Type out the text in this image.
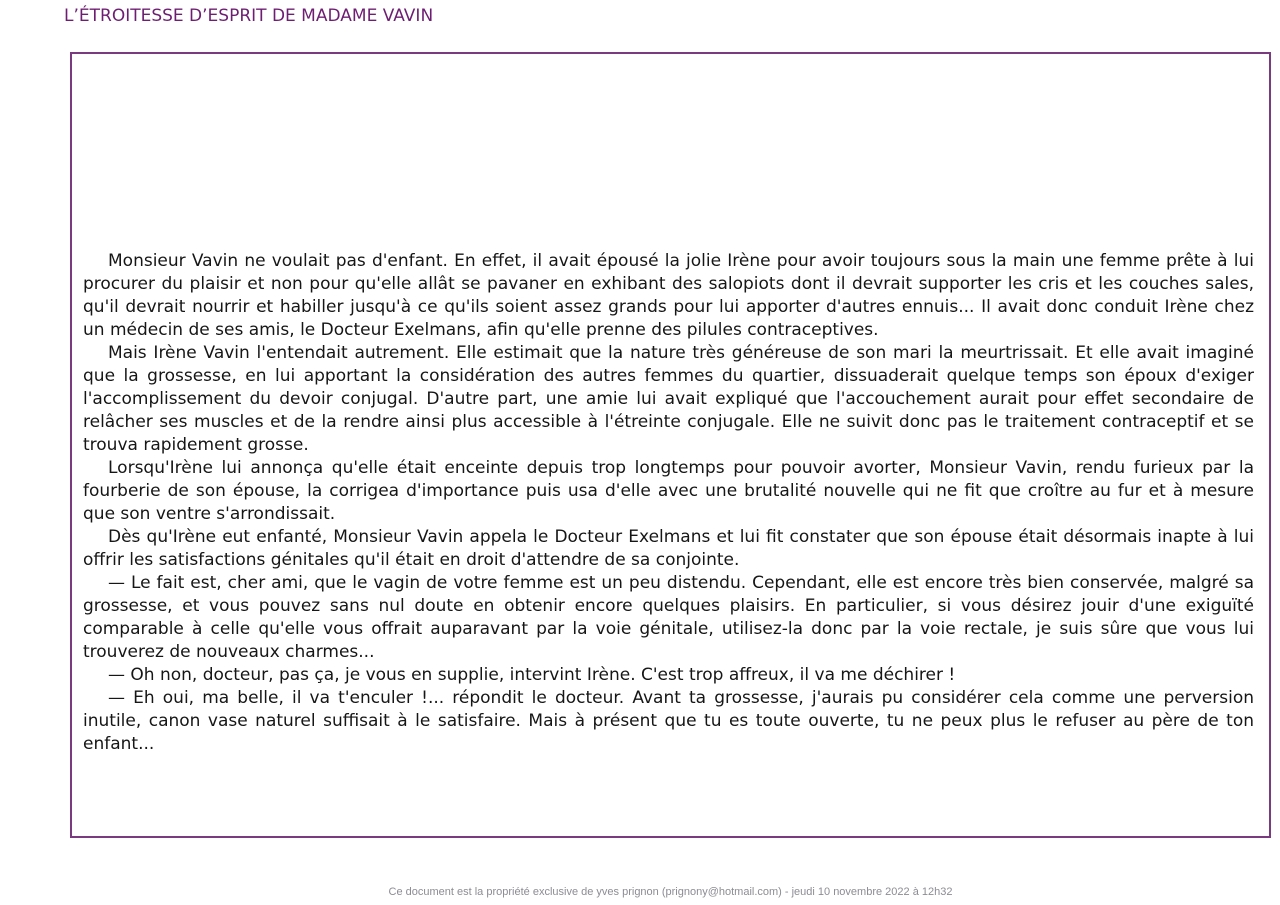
L’ÉTROITESSE D’ESPRIT DE MADAME VAVIN

Monsieur Vavin ne voulait pas d'enfant. En effet, il avait épousé la jolie Irène pour avoir toujours sous la main une femme prête à lui procurer du plaisir et non pour qu'elle allât se pavaner en exhibant des salopiots dont il devrait supporter les cris et les couches sales, qu'il devrait nourrir et habiller jusqu'à ce qu'ils soient assez grands pour lui apporter d'autres ennuis... Il avait donc conduit Irène chez un médecin de ses amis, le Docteur Exelmans, afin qu'elle prenne des pilules contraceptives.

Mais Irène Vavin l'entendait autrement. Elle estimait que la nature très généreuse de son mari la meurtrissait. Et elle avait imaginé que la grossesse, en lui apportant la considération des autres femmes du quartier, dissuaderait quelque temps son époux d'exiger l'accomplissement du devoir conjugal. D'autre part, une amie lui avait expliqué que l'accouchement aurait pour effet secondaire de relâcher ses muscles et de la rendre ainsi plus accessible à l'étreinte conjugale. Elle ne suivit donc pas le traitement contraceptif et se trouva rapidement grosse.

Lorsqu'Irène lui annonça qu'elle était enceinte depuis trop longtemps pour pouvoir avorter, Monsieur Vavin, rendu furieux par la fourberie de son épouse, la corrigea d'importance puis usa d'elle avec une brutalité nouvelle qui ne fit que croître au fur et à mesure que son ventre s'arrondissait.

Dès qu'Irène eut enfanté, Monsieur Vavin appela le Docteur Exelmans et lui fit constater que son épouse était désormais inapte à lui offrir les satisfactions génitales qu'il était en droit d'attendre de sa conjointe.

— Le fait est, cher ami, que le vagin de votre femme est un peu distendu. Cependant, elle est encore très bien conservée, malgré sa grossesse, et vous pouvez sans nul doute en obtenir encore quelques plaisirs. En particulier, si vous désirez jouir d'une exiguïté comparable à celle qu'elle vous offrait auparavant par la voie génitale, utilisez-la donc par la voie rectale, je suis sûre que vous lui trouverez de nouveaux charmes...

— Oh non, docteur, pas ça, je vous en supplie, intervint Irène. C'est trop affreux, il va me déchirer !

— Eh oui, ma belle, il va t'enculer !... répondit le docteur. Avant ta grossesse, j'aurais pu considérer cela comme une perversion inutile, canon vase naturel suffisait à le satisfaire. Mais à présent que tu es toute ouverte, tu ne peux plus le refuser au père de ton enfant...

Ce document est la propriété exclusive de yves prignon (prignony@hotmail.com) - jeudi 10 novembre 2022 à 12h32
